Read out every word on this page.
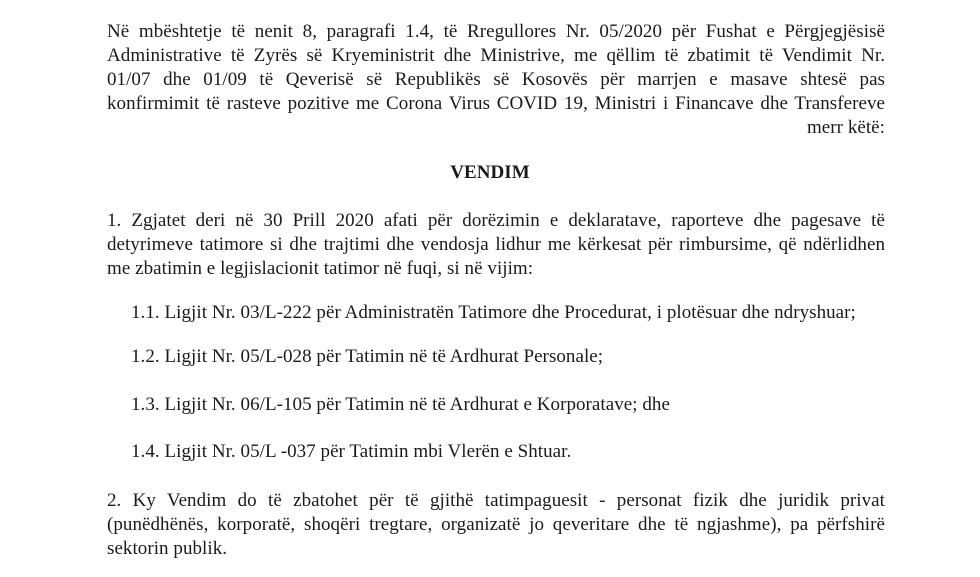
Në mbështetje të nenit 8, paragrafi 1.4, të Rregullores Nr. 05/2020 për Fushat e Përgjegjësisë
Administrative të Zyrës së Kryeministrit dhe Ministrive, me qëllim të zbatimit të Vendimit Nr.
01/07 dhe 01/09 të Qeverisë së Republikës së Kosovës për marrjen e masave shtesë pas
konfirmimit të rasteve pozitive me Corona Virus COVID 19, Ministri i Financave dhe Transfereve
merr këtë:
VENDIM
1. Zgjatet deri në 30 Prill 2020 afati për dorëzimin e deklaratave, raporteve dhe pagesave të
detyrimeve tatimore si dhe trajtimi dhe vendosja lidhur me kërkesat për rimbursime, që ndërlidhen
me zbatimin e legjislacionit tatimor në fuqi, si në vijim:
1.1. Ligjit Nr. 03/L-222 për Administratën Tatimore dhe Procedurat, i plotësuar dhe ndryshuar;
1.2. Ligjit Nr. 05/L-028 për Tatimin në të Ardhurat Personale;
1.3. Ligjit Nr. 06/L-105 për Tatimin në të Ardhurat e Korporatave; dhe
1.4. Ligjit Nr. 05/L -037 për Tatimin mbi Vlerën e Shtuar.
2. Ky Vendim do të zbatohet për të gjithë tatimpaguesit - personat fizik dhe juridik privat
(punëdhënës, korporatë, shoqëri tregtare, organizatë jo qeveritare dhe të ngjashme), pa përfshirë
sektorin publik.
